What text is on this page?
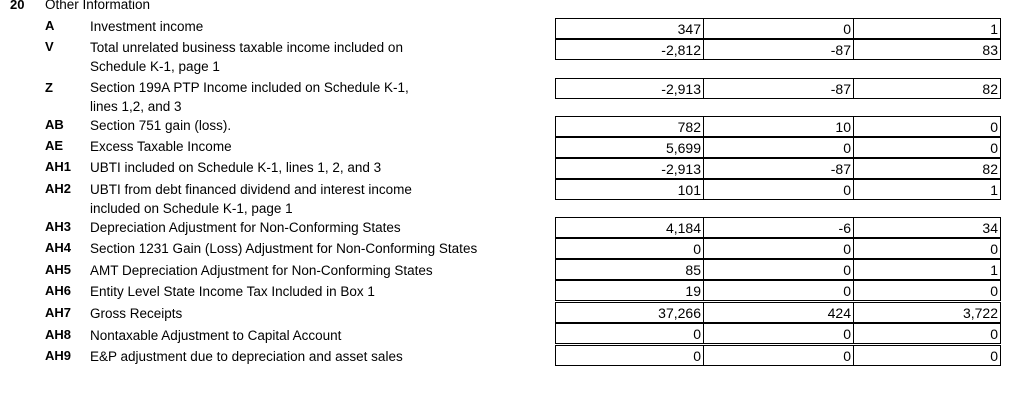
20 Other Information
A	Investment income	347	0	1
V	Total unrelated business taxable income included on
Schedule K-1, page 1
-2,812	-87	83
Z	Section 199A PTP Income included on Schedule K-1,
lines 1,2, and 3
-2,913	-87	82
AB Section 751 gain (loss).	782	10	0
AE Excess Taxable Income	5,699	0	0
AH1 UBTI included on Schedule K-1, lines 1, 2, and 3	-2,913	-87	82
AH2 UBTI from debt financed dividend and interest income
included on Schedule K-1, page 1
101	0	1
AH3 Depreciation Adjustment for Non-Conforming States	4,184	-6	34
AH4 Section 1231 Gain (Loss) Adjustment for Non-Conforming States	0	0	0
AH5 AMT Depreciation Adjustment for Non-Conforming States	85	0	1
AH6 Entity Level State Income Tax Included in Box 1	19	0	0
AH7 Gross Receipts	37,266	424	3,722
AH8 Nontaxable Adjustment to Capital Account	0	0	0
AH9 E&P adjustment due to depreciation and asset sales	0	0	0
